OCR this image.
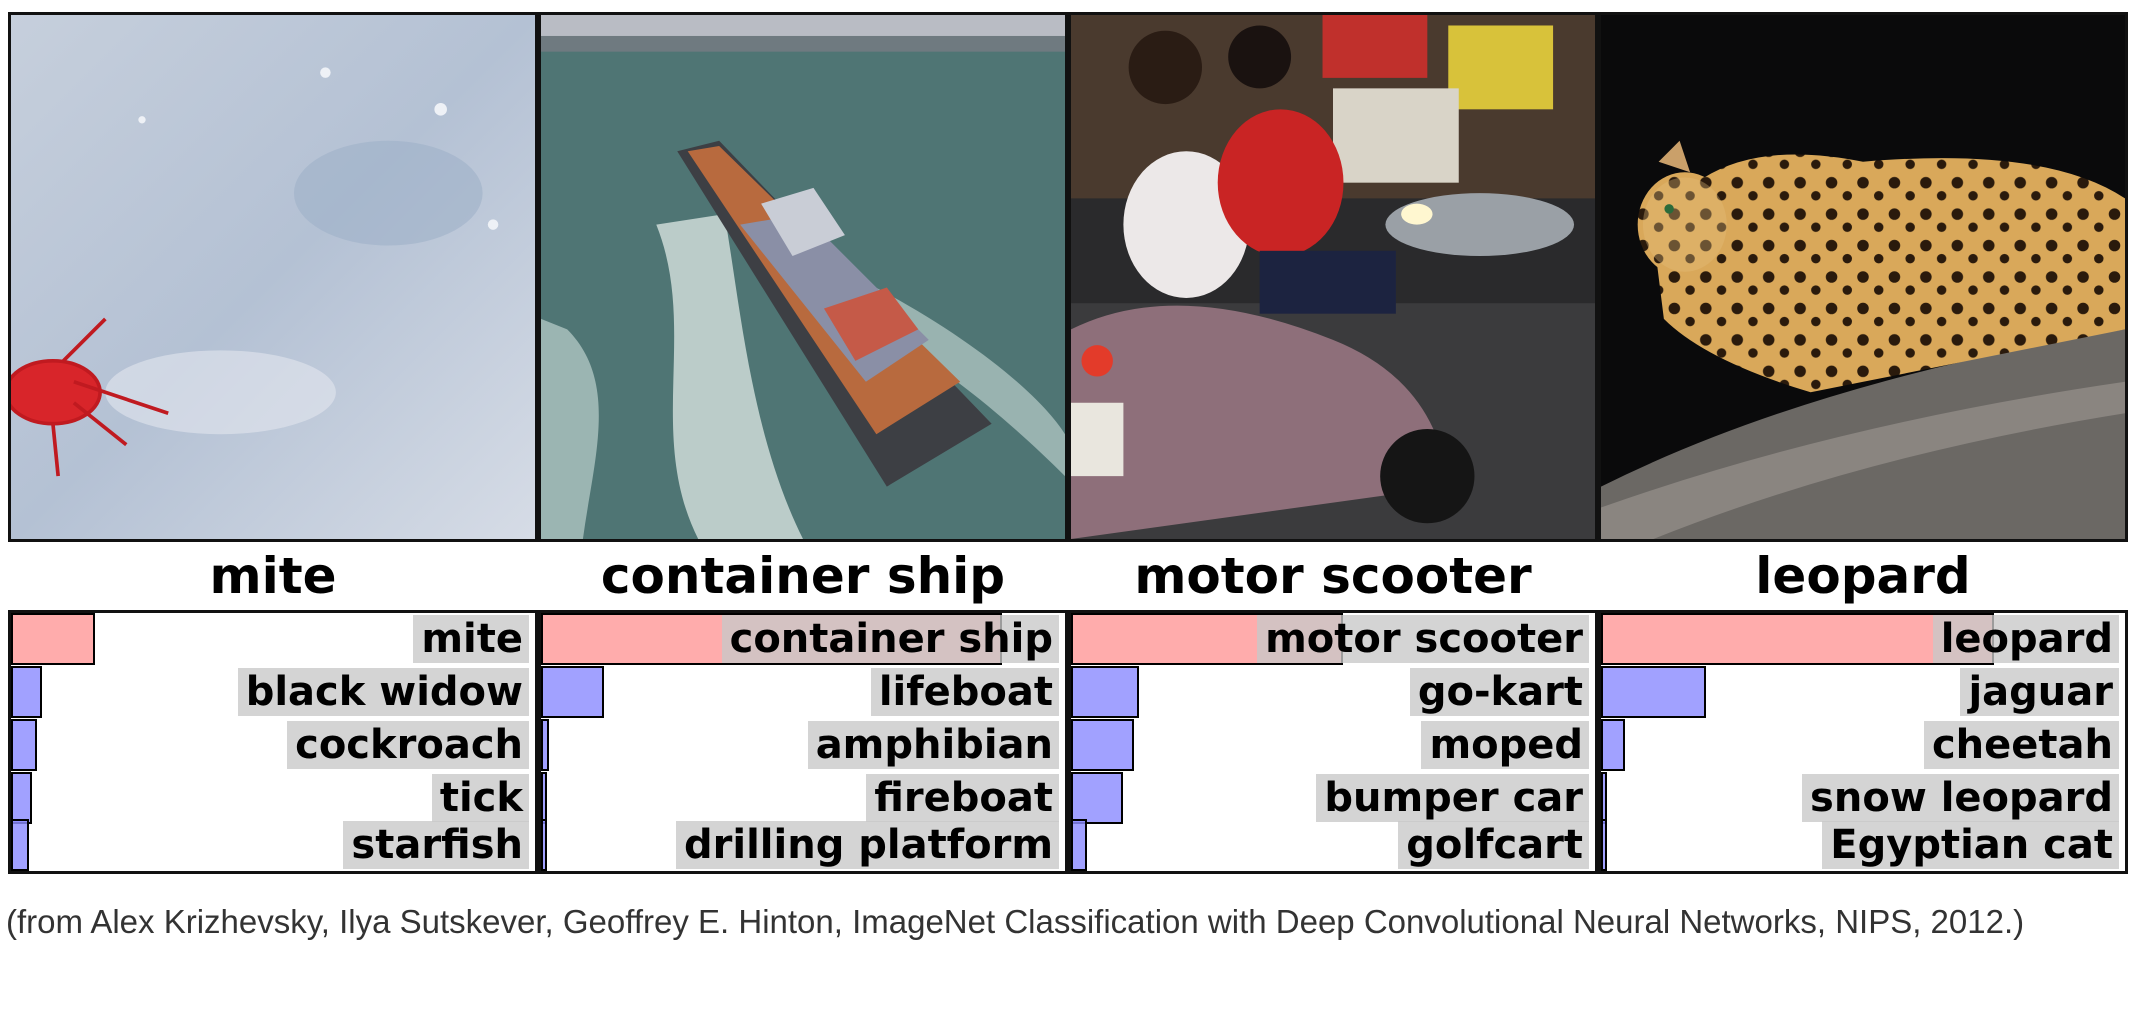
mite
mite
black widow
cockroach
tick
starfish
container ship
container ship
lifeboat
amphibian
fireboat
drilling platform
motor scooter
motor scooter
go-kart
moped
bumper car
golfcart
leopard
leopard
jaguar
cheetah
snow leopard
Egyptian cat
(from Alex Krizhevsky, Ilya Sutskever, Geoffrey E. Hinton, ImageNet Classification with Deep Convolutional Neural Networks, NIPS, 2012.)
